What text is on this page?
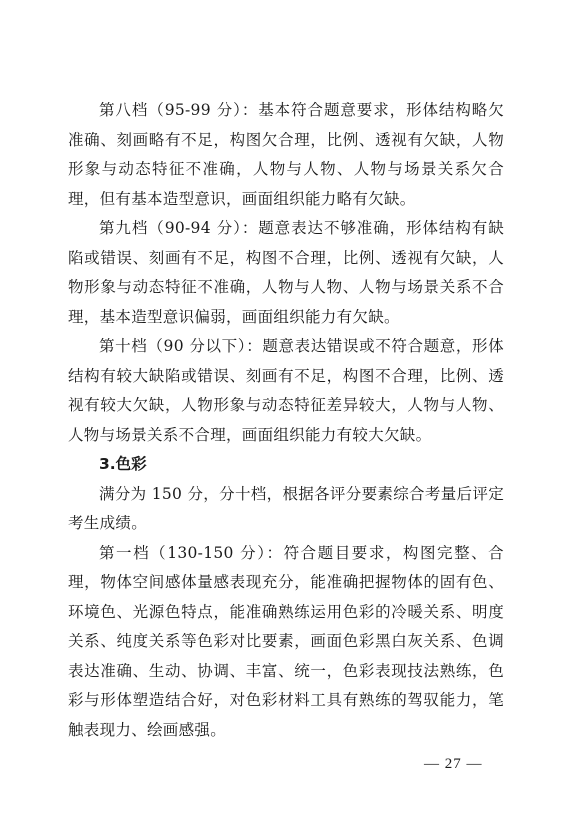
第八档（95-99 分）：基本符合题意要求，形体结构略欠准确、刻画略有不足，构图欠合理，比例、透视有欠缺，人物形象与动态特征不准确，人物与人物、人物与场景关系欠合理，但有基本造型意识，画面组织能力略有欠缺。

第九档（90-94 分）：题意表达不够准确，形体结构有缺陷或错误、刻画有不足，构图不合理，比例、透视有欠缺，人物形象与动态特征不准确，人物与人物、人物与场景关系不合理，基本造型意识偏弱，画面组织能力有欠缺。

第十档（90 分以下）：题意表达错误或不符合题意，形体结构有较大缺陷或错误、刻画有不足，构图不合理，比例、透视有较大欠缺，人物形象与动态特征差异较大，人物与人物、人物与场景关系不合理，画面组织能力有较大欠缺。

3.色彩

满分为 150 分，分十档，根据各评分要素综合考量后评定考生成绩。

第一档（130-150 分）：符合题目要求，构图完整、合理，物体空间感体量感表现充分，能准确把握物体的固有色、环境色、光源色特点，能准确熟练运用色彩的冷暖关系、明度关系、纯度关系等色彩对比要素，画面色彩黑白灰关系、色调表达准确、生动、协调、丰富、统一，色彩表现技法熟练，色彩与形体塑造结合好，对色彩材料工具有熟练的驾驭能力，笔触表现力、绘画感强。

— 27 —
